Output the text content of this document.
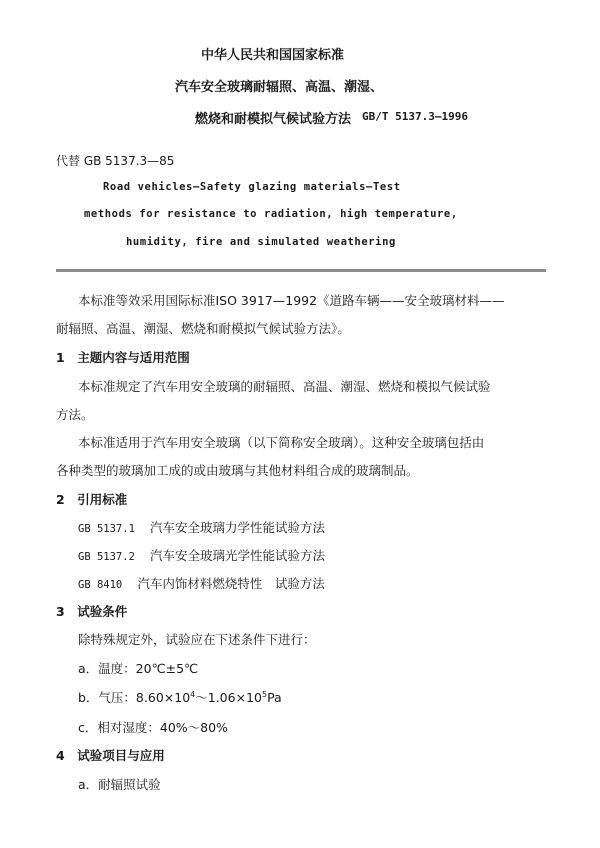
中华人民共和国国家标准
汽车安全玻璃耐辐照、高温、潮湿、
燃烧和耐模拟气候试验方法 GB/T 5137.3—1996
代替 GB 5137.3—85
Road vehicles—Safety glazing materials—Test
methods for resistance to radiation, high temperature,
humidity, fire and simulated weathering
本标准等效采用国际标准ISO 3917—1992《道路车辆——安全玻璃材料——
耐辐照、高温、潮湿、燃烧和耐模拟气候试验方法》。
1　主题内容与适用范围
本标准规定了汽车用安全玻璃的耐辐照、高温、潮湿、燃烧和模拟气候试验
方法。
本标准适用于汽车用安全玻璃（以下简称安全玻璃）。这种安全玻璃包括由
各种类型的玻璃加工成的或由玻璃与其他材料组合成的玻璃制品。
2　引用标准
GB 5137.1 汽车安全玻璃力学性能试验方法
GB 5137.2 汽车安全玻璃光学性能试验方法
GB 8410 汽车内饰材料燃烧特性　试验方法
3　试验条件
除特殊规定外，试验应在下述条件下进行：
a．温度：20℃±5℃
b．气压：$8.60\times 10^4\sim 1.06\times 10^5Pa$
c．相对湿度：40%～80%
4　试验项目与应用
a．耐辐照试验
